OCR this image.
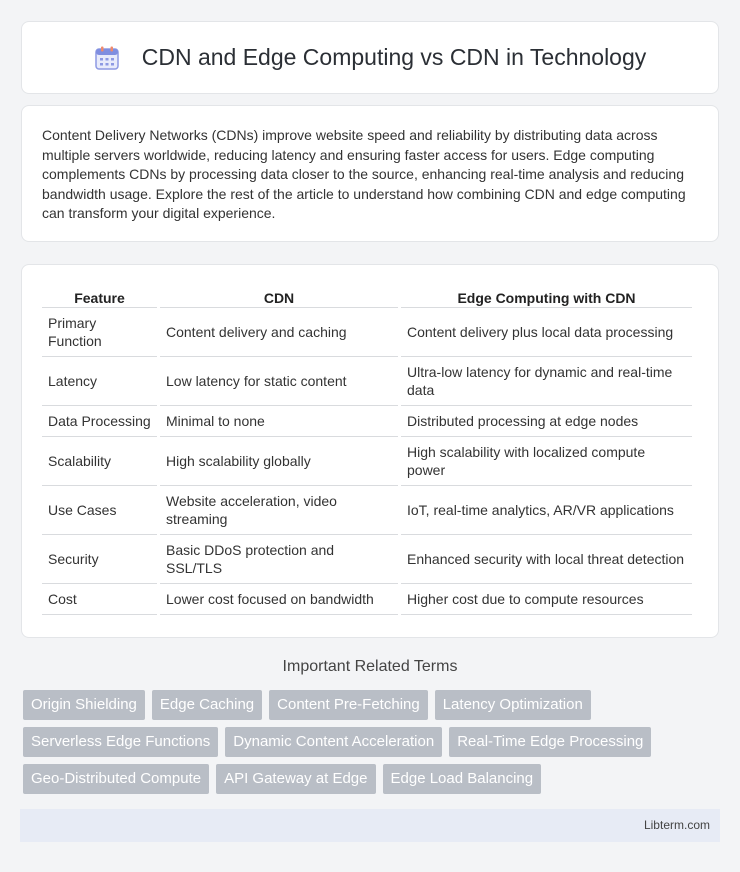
CDN and Edge Computing vs CDN in Technology

Content Delivery Networks (CDNs) improve website speed and reliability by distributing data across multiple servers worldwide, reducing latency and ensuring faster access for users. Edge computing complements CDNs by processing data closer to the source, enhancing real-time analysis and reducing bandwidth usage. Explore the rest of the article to understand how combining CDN and edge computing can transform your digital experience.

Feature	CDN	Edge Computing with CDN
Primary Function	Content delivery and caching	Content delivery plus local data processing
Latency	Low latency for static content	Ultra-low latency for dynamic and real-time data
Data Processing	Minimal to none	Distributed processing at edge nodes
Scalability	High scalability globally	High scalability with localized compute power
Use Cases	Website acceleration, video streaming	IoT, real-time analytics, AR/VR applications
Security	Basic DDoS protection and SSL/TLS	Enhanced security with local threat detection
Cost	Lower cost focused on bandwidth	Higher cost due to compute resources
Important Related Terms
Origin Shielding	Edge Caching	Content Pre-Fetching	Latency Optimization
Serverless Edge Functions	Dynamic Content Acceleration	Real-Time Edge Processing
Geo-Distributed Compute	API Gateway at Edge	Edge Load Balancing
Libterm.com
